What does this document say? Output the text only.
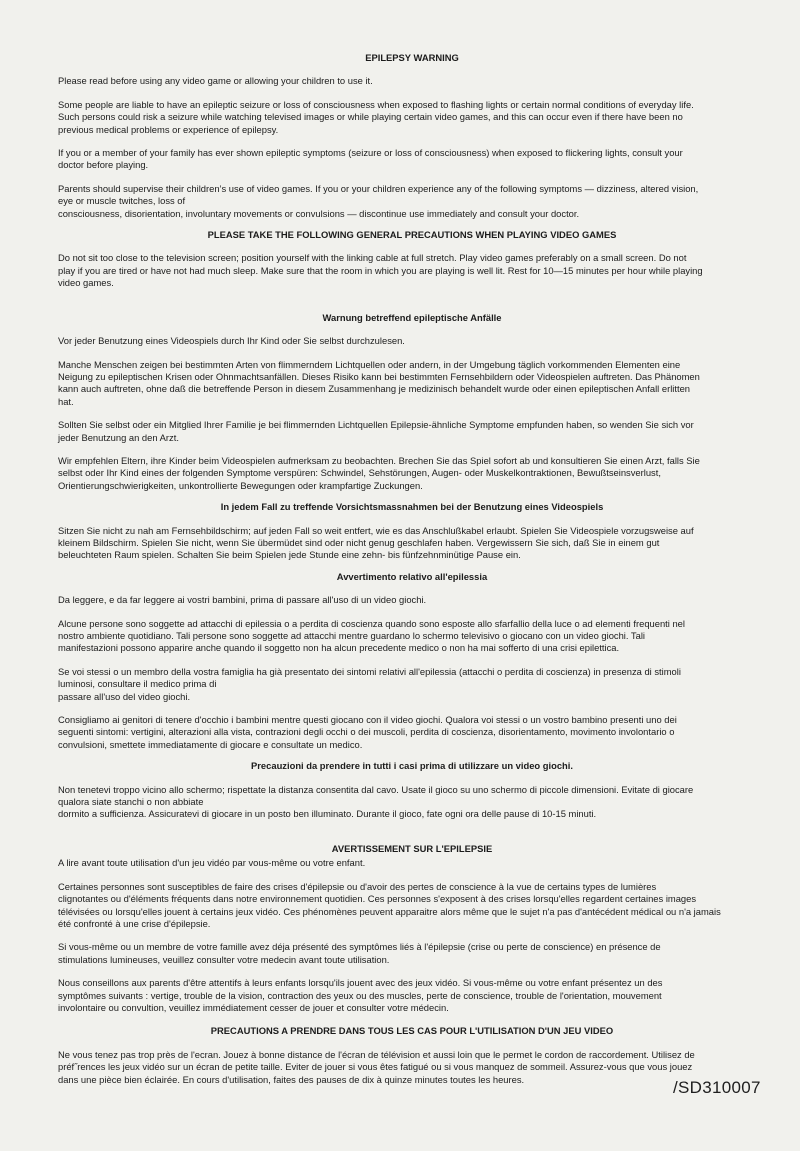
EPILEPSY WARNING

Please read before using any video game or allowing your children to use it.

Some people are liable to have an epileptic seizure or loss of consciousness when exposed to flashing lights or certain normal conditions of everyday life.
Such persons could risk a seizure while watching televised images or while playing certain video games, and this can occur even if there have been no
previous medical problems or experience of epilepsy.

If you or a member of your family has ever shown epileptic symptoms (seizure or loss of consciousness) when exposed to flickering lights, consult your
doctor before playing.

Parents should supervise their children’s use of video games. If you or your children experience any of the following symptoms — dizziness, altered vision,
eye or muscle twitches, loss of
consciousness, disorientation, involuntary movements or convulsions — discontinue use immediately and consult your doctor.

PLEASE TAKE THE FOLLOWING GENERAL PRECAUTIONS WHEN PLAYING VIDEO GAMES

Do not sit too close to the television screen; position yourself with the linking cable at full stretch. Play video games preferably on a small screen. Do not
play if you are tired or have not had much sleep. Make sure that the room in which you are playing is well lit. Rest for 10—15 minutes per hour while playing
video games.

Warnung betreffend epileptische Anfälle

Vor jeder Benutzung eines Videospiels durch Ihr Kind oder Sie selbst durchzulesen.

Manche Menschen zeigen bei bestimmten Arten von flimmerndem Lichtquellen oder andern, in der Umgebung täglich vorkommenden Elementen eine
Neigung zu epileptischen Krisen oder Ohnmachtsanfällen. Dieses Risiko kann bei bestimmten Fernsehbildern oder Videospielen auftreten. Das Phänomen
kann auch auftreten, ohne daß die betreffende Person in diesem Zusammenhang je medizinisch behandelt wurde oder einen epileptischen Anfall erlitten
hat.

Sollten Sie selbst oder ein Mitglied Ihrer Familie je bei flimmernden Lichtquellen Epilepsie-ähnliche Symptome empfunden haben, so wenden Sie sich vor
jeder Benutzung an den Arzt.

Wir empfehlen Eltern, ihre Kinder beim Videospielen aufmerksam zu beobachten. Brechen Sie das Spiel sofort ab und konsultieren Sie einen Arzt, falls Sie
selbst oder Ihr Kind eines der folgenden Symptome verspüren: Schwindel, Sehstörungen, Augen- oder Muskelkontraktionen, Bewußtseinsverlust,
Orientierungschwierigkeiten, unkontrollierte Bewegungen oder krampfartige Zuckungen.

In jedem Fall zu treffende Vorsichtsmassnahmen bei der Benutzung eines Videospiels

Sitzen Sie nicht zu nah am Fernsehbildschirm; auf jeden Fall so weit entfert, wie es das Anschlußkabel erlaubt. Spielen Sie Videospiele vorzugsweise auf
kleinem Bildschirm. Spielen Sie nicht, wenn Sie übermüdet sind oder nicht genug geschlafen haben. Vergewissern Sie sich, daß Sie in einem gut
beleuchteten Raum spielen. Schalten Sie beim Spielen jede Stunde eine zehn- bis fünfzehnminütige Pause ein.

Avvertimento relativo all'epilessia

Da leggere, e da far leggere ai vostri bambini, prima di passare all'uso di un video giochi.

Alcune persone sono soggette ad attacchi di epilessia o a perdita di coscienza quando sono esposte allo sfarfallio della luce o ad elementi frequenti nel
nostro ambiente quotidiano. Tali persone sono soggette ad attacchi mentre guardano lo schermo televisivo o giocano con un video giochi. Tali
manifestazioni possono apparire anche quando il soggetto non ha alcun precedente medico o non ha mai sofferto di una crisi epilettica.

Se voi stessi o un membro della vostra famiglia ha già presentato dei sintomi relativi all'epilessia (attacchi o perdita di coscienza) in presenza di stimoli
luminosi, consultare il medico prima di
passare all'uso del video giochi.

Consigliamo ai genitori di tenere d'occhio i bambini mentre questi giocano con il video giochi. Qualora voi stessi o un vostro bambino presenti uno dei
seguenti sintomi: vertigini, alterazioni alla vista, contrazioni degli occhi o dei muscoli, perdita di coscienza, disorientamento, movimento involontario o
convulsioni, smettete immediatamente di giocare e consultate un medico.

Precauzioni da prendere in tutti i casi prima di utilizzare un video giochi.

Non tenetevi troppo vicino allo schermo; rispettate la distanza consentita dal cavo. Usate il gioco su uno schermo di piccole dimensioni. Evitate di giocare
qualora siate stanchi o non abbiate
dormito a sufficienza. Assicuratevi di giocare in un posto ben illuminato. Durante il gioco, fate ogni ora delle pause di 10-15 minuti.

AVERTISSEMENT SUR L'EPILEPSIE

A lire avant toute utilisation d'un jeu vidéo par vous-même ou votre enfant.

Certaines personnes sont susceptibles de faire des crises d'épilepsie ou d'avoir des pertes de conscience à la vue de certains types de lumières
clignotantes ou d'éléments fréquents dans notre environnement quotidien. Ces personnes s'exposent à des crises lorsqu'elles regardent certaines images
télévisées ou lorsqu'elles jouent à certains jeux vidéo. Ces phénomènes peuvent apparaitre alors même que le sujet n'a pas d'antécédent médical ou n'a jamais
été confronté à une crise d'épilepsie.

Si vous-même ou un membre de votre famille avez déja présenté des symptômes liés à l'épilepsie (crise ou perte de conscience) en présence de
stimulations lumineuses, veuillez consulter votre medecin avant toute utilisation.

Nous conseillons aux parents d'être attentifs à leurs enfants lorsqu'ils jouent avec des jeux vidéo. Si vous-même ou votre enfant présentez un des
symptômes suivants : vertige, trouble de la vision, contraction des yeux ou des muscles, perte de conscience, trouble de l'orientation, mouvement
involontaire ou convultion, veuillez immédiatement cesser de jouer et consulter votre médecin.

PRECAUTIONS A PRENDRE DANS TOUS LES CAS POUR L'UTILISATION D'UN JEU VIDEO

Ne vous tenez pas trop près de l'ecran. Jouez à bonne distance de l'écran de télévision et aussi loin que le permet le cordon de raccordement. Utilisez de
préf˝rences les jeux vidéo sur un écran de petite taille. Eviter de jouer si vous êtes fatigué ou si vous manquez de sommeil. Assurez-vous que vous jouez
dans une pièce bien éclairée. En cours d'utilisation, faites des pauses de dix à quinze minutes toutes les heures.	/SD310007
